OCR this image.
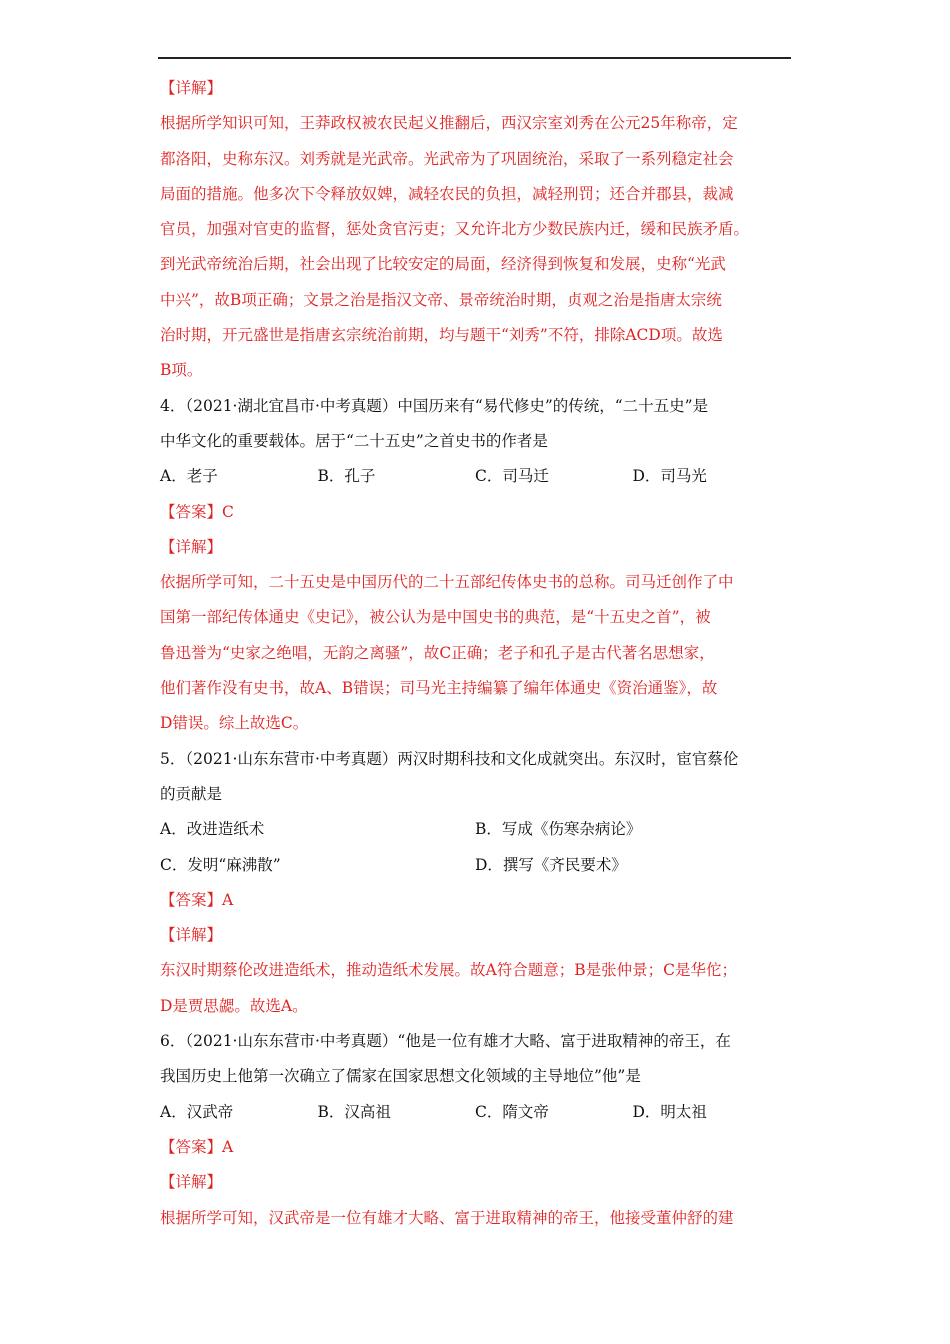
【详解】
根据所学知识可知，王莽政权被农民起义推翻后，西汉宗室刘秀在公元25年称帝，定
都洛阳，史称东汉。刘秀就是光武帝。光武帝为了巩固统治，采取了一系列稳定社会
局面的措施。他多次下令释放奴婢，减轻农民的负担，减轻刑罚；还合并郡县，裁减
官员，加强对官吏的监督，惩处贪官污吏；又允许北方少数民族内迁，缓和民族矛盾。
到光武帝统治后期，社会出现了比较安定的局面，经济得到恢复和发展，史称“光武
中兴”，故B项正确；文景之治是指汉文帝、景帝统治时期，贞观之治是指唐太宗统
治时期，开元盛世是指唐玄宗统治前期，均与题干“刘秀”不符，排除ACD项。故选
B项。
4．（2021·湖北宜昌市·中考真题）中国历来有“易代修史”的传统，“二十五史”是
中华文化的重要载体。居于“二十五史”之首史书的作者是
A．老子	B．孔子	C．司马迁	D．司马光
【答案】C
【详解】
依据所学可知，二十五史是中国历代的二十五部纪传体史书的总称。司马迁创作了中
国第一部纪传体通史《史记》，被公认为是中国史书的典范，是“十五史之首”，被
鲁迅誉为“史家之绝唱，无韵之离骚”，故C正确；老子和孔子是古代著名思想家，
他们著作没有史书，故A、B错误；司马光主持编纂了编年体通史《资治通鉴》，故
D错误。综上故选C。
5．（2021·山东东营市·中考真题）两汉时期科技和文化成就突出。东汉时，宦官蔡伦
的贡献是
A．改进造纸术	B．写成《伤寒杂病论》
C．发明“麻沸散”	D．撰写《齐民要术》
【答案】A
【详解】
东汉时期蔡伦改进造纸术，推动造纸术发展。故A符合题意；B是张仲景；C是华佗；
D是贾思勰。故选A。
6．（2021·山东东营市·中考真题）“他是一位有雄才大略、富于进取精神的帝王，在
我国历史上他第一次确立了儒家在国家思想文化领域的主导地位”他”是
A．汉武帝	B．汉高祖	C．隋文帝	D．明太祖
【答案】A
【详解】
根据所学可知，汉武帝是一位有雄才大略、富于进取精神的帝王，他接受董仲舒的建
